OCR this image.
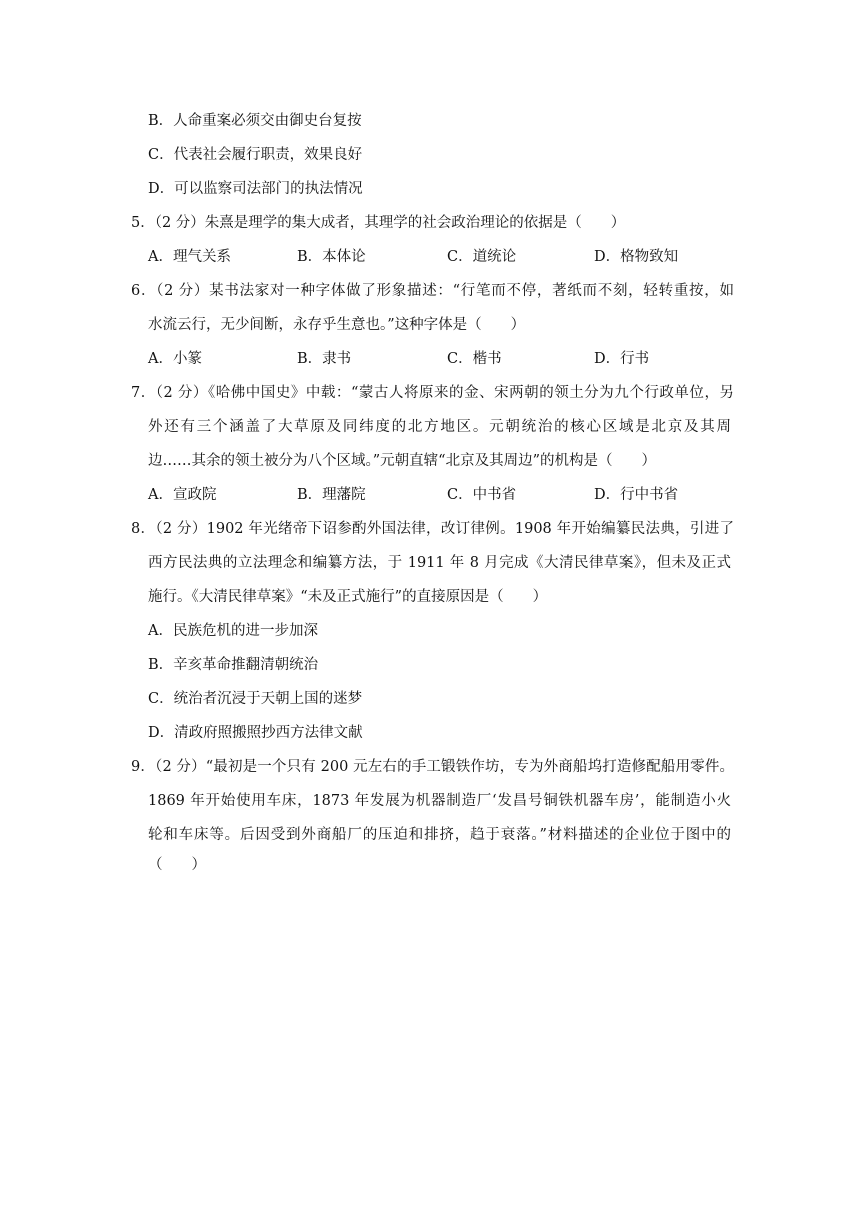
B．人命重案必须交由御史台复按
C．代表社会履行职责，效果良好
D．可以监察司法部门的执法情况
5．（2 分）朱熹是理学的集大成者，其理学的社会政治理论的依据是（　　）
A．理气关系	B．本体论	C．道统论	D．格物致知
6．（2 分）某书法家对一种字体做了形象描述：“行笔而不停，著纸而不刻，轻转重按，如
水流云行，无少间断，永存乎生意也。”这种字体是（　　）
A．小篆	B．隶书	C．楷书	D．行书
7．（2 分）《哈佛中国史》中载：“蒙古人将原来的金、宋两朝的领土分为九个行政单位，另
外还有三个涵盖了大草原及同纬度的北方地区。元朝统治的核心区域是北京及其周
边……其余的领土被分为八个区域。”元朝直辖“北京及其周边”的机构是（　　）
A．宣政院	B．理藩院	C．中书省	D．行中书省
8．（2 分）1902 年光绪帝下诏参酌外国法律，改订律例。1908 年开始编纂民法典，引进了
西方民法典的立法理念和编纂方法，于 1911 年 8 月完成《大清民律草案》，但未及正式
施行。《大清民律草案》“未及正式施行”的直接原因是（　　）
A．民族危机的进一步加深
B．辛亥革命推翻清朝统治
C．统治者沉浸于天朝上国的迷梦
D．清政府照搬照抄西方法律文献
9．（2 分）“最初是一个只有 200 元左右的手工锻铁作坊，专为外商船坞打造修配船用零件。
1869 年开始使用车床，1873 年发展为机器制造厂‘发昌号铜铁机器车房’，能制造小火
轮和车床等。后因受到外商船厂的压迫和排挤，趋于衰落。”材料描述的企业位于图中的
（　　）
